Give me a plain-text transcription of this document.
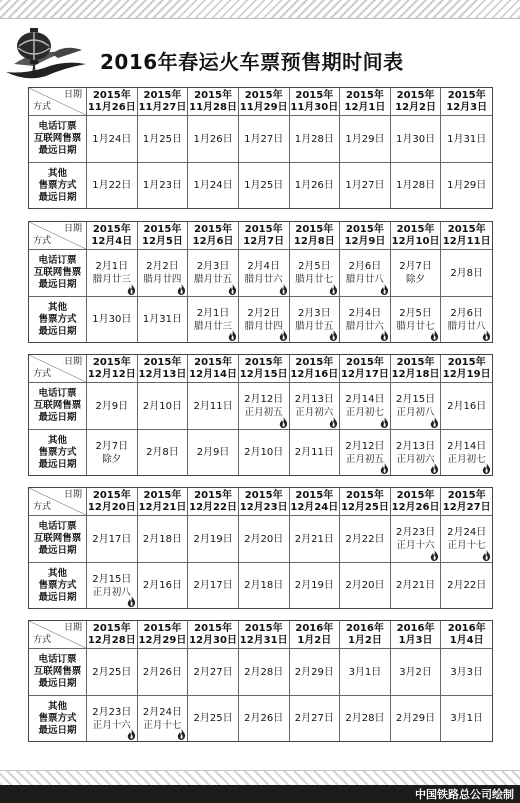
2016年春运火车票预售期时间表
日期
方式
2015年
11月26日
2015年
11月27日
2015年
11月28日
2015年
11月29日
2015年
11月30日
2015年
12月1日
2015年
12月2日
2015年
12月3日
电话订票
互联网售票
最远日期
1月24日 1月25日 1月26日 1月27日 1月28日 1月29日 1月30日 1月31日
其他
售票方式
最远日期
1月22日 1月23日 1月24日 1月25日 1月26日 1月27日 1月28日 1月29日
日期
方式
2015年
12月4日
2015年
12月5日
2015年
12月6日
2015年
12月7日
2015年
12月8日
2015年
12月9日
2015年
12月10日
2015年
12月11日
电话订票
互联网售票
最远日期
2月1日
腊月廿三
2月2日
腊月廿四
2月3日
腊月廿五
2月4日
腊月廿六
2月5日
腊月廿七
2月6日
腊月廿八
2月7日
除夕
2月8日
其他
售票方式
最远日期
1月30日 1月31日
2月1日
腊月廿三
2月2日
腊月廿四
2月3日
腊月廿五
2月4日
腊月廿六
2月5日
腊月廿七
2月6日
腊月廿八
日期
方式
2015年
12月12日
2015年
12月13日
2015年
12月14日
2015年
12月15日
2015年
12月16日
2015年
12月17日
2015年
12月18日
2015年
12月19日
电话订票
互联网售票
最远日期
2月9日 2月10日 2月11日
2月12日
正月初五
2月13日
正月初六
2月14日
正月初七
2月15日
正月初八
2月16日
其他
售票方式
最远日期
2月7日
除夕
2月8日 2月9日 2月10日 2月11日
2月12日
正月初五
2月13日
正月初六
2月14日
正月初七
日期
方式
2015年
12月20日
2015年
12月21日
2015年
12月22日
2015年
12月23日
2015年
12月24日
2015年
12月25日
2015年
12月26日
2015年
12月27日
电话订票
互联网售票
最远日期
2月17日 2月18日 2月19日 2月20日 2月21日 2月22日
2月23日
正月十六
2月24日
正月十七
其他
售票方式
最远日期
2月15日
正月初八
2月16日 2月17日 2月18日 2月19日 2月20日 2月21日 2月22日
日期
方式
2015年
12月28日
2015年
12月29日
2015年
12月30日
2015年
12月31日
2016年
1月2日
2016年
1月2日
2016年
1月3日
2016年
1月4日
电话订票
互联网售票
最远日期
2月25日 2月26日 2月27日 2月28日 2月29日 3月1日 3月2日 3月3日
其他
售票方式
最远日期
2月23日
正月十六
2月24日
正月十七
2月25日 2月26日 2月27日 2月28日 2月29日 3月1日
中国铁路总公司绘制
